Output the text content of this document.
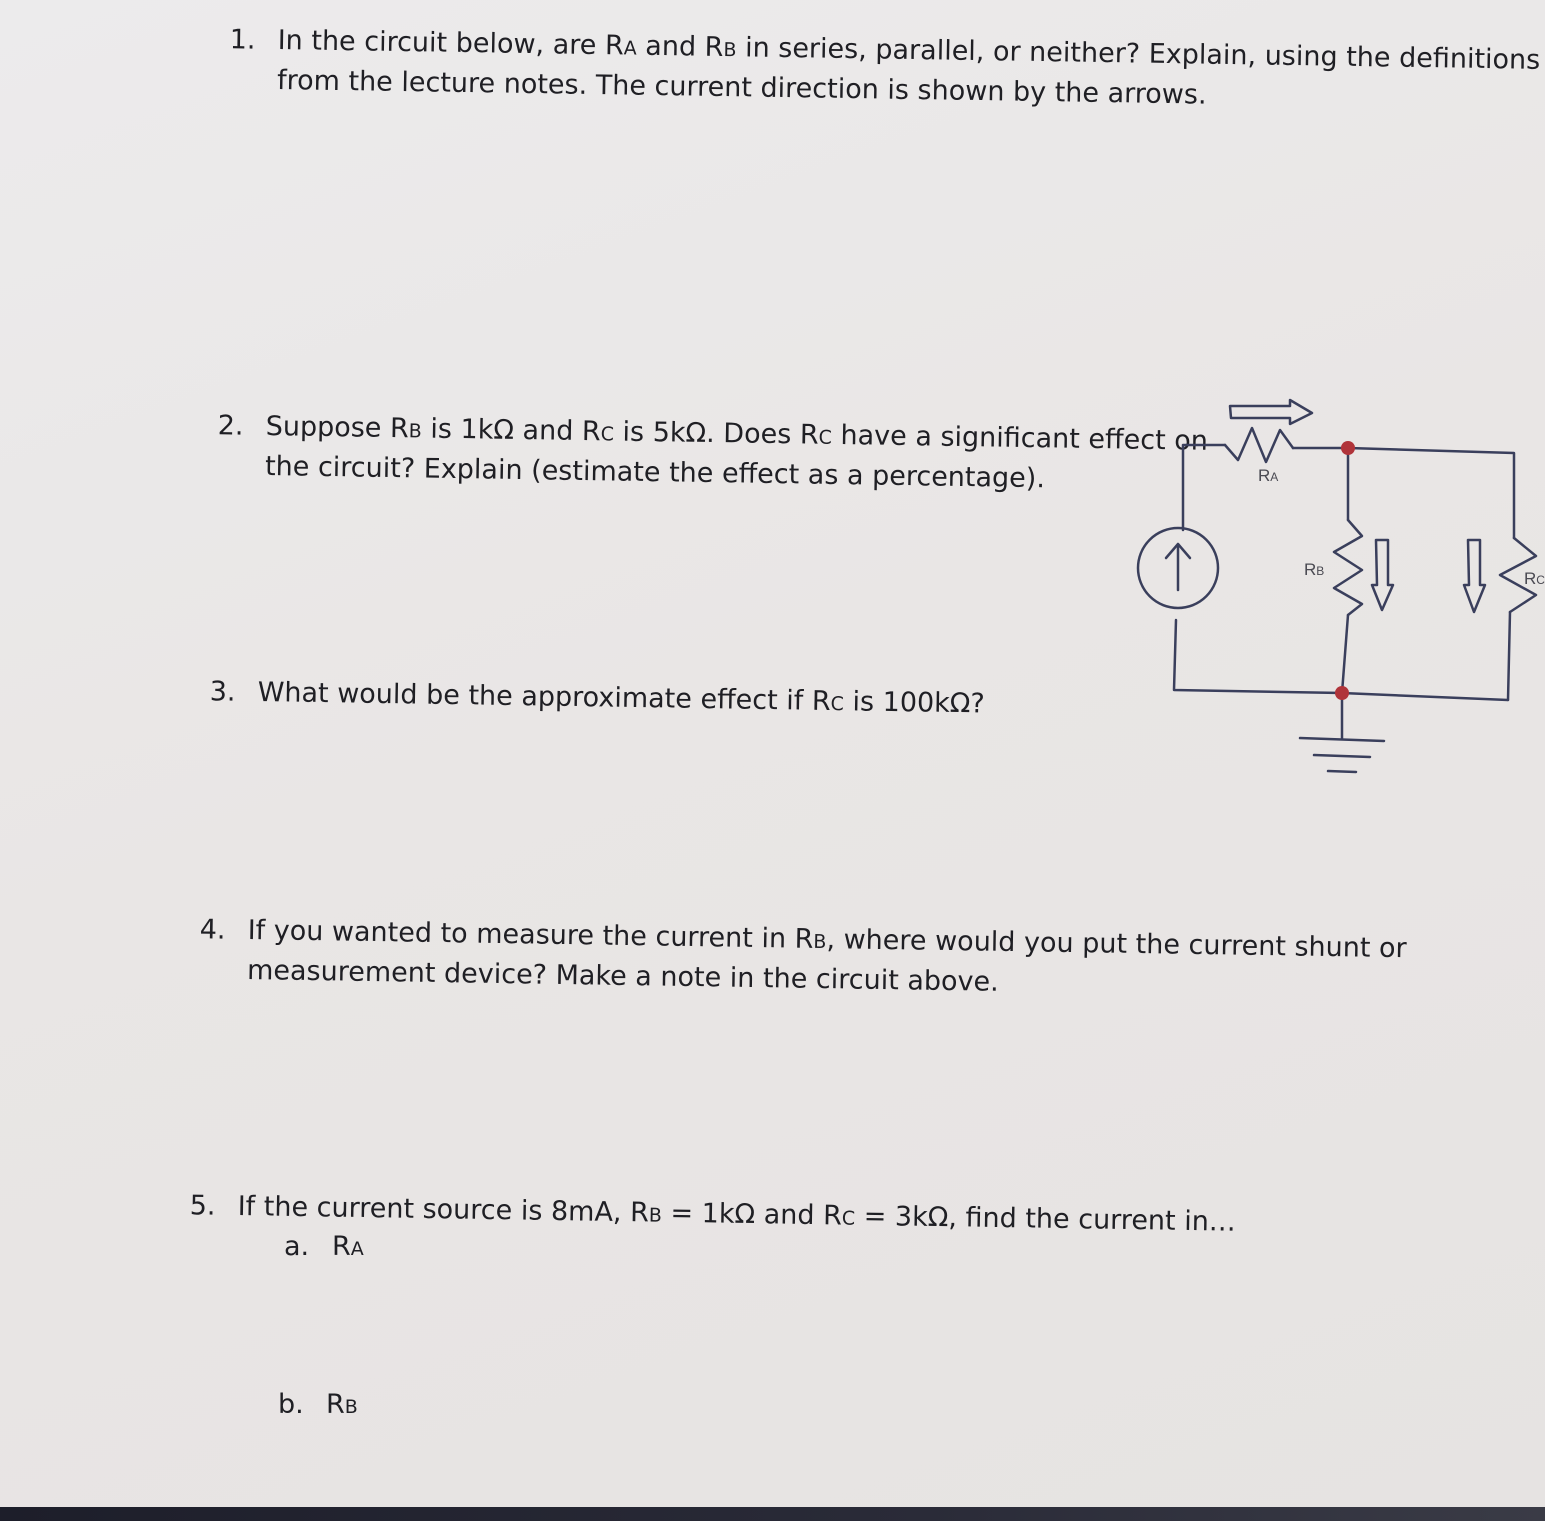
1. In the circuit below, are RA and RB in series, parallel, or neither? Explain, using the definitions
from the lecture notes. The current direction is shown by the arrows.
2. Suppose RB is 1kΩ and RC is 5kΩ. Does RC have a significant effect on
the circuit? Explain (estimate the effect as a percentage).
3. What would be the approximate effect if RC is 100kΩ?
4. If you wanted to measure the current in RB, where would you put the current shunt or
measurement device? Make a note in the circuit above.
5. If the current source is 8mA, RB = 1kΩ and RC = 3kΩ, find the current in…
a. RA
b. RB
RA
RB	RC
